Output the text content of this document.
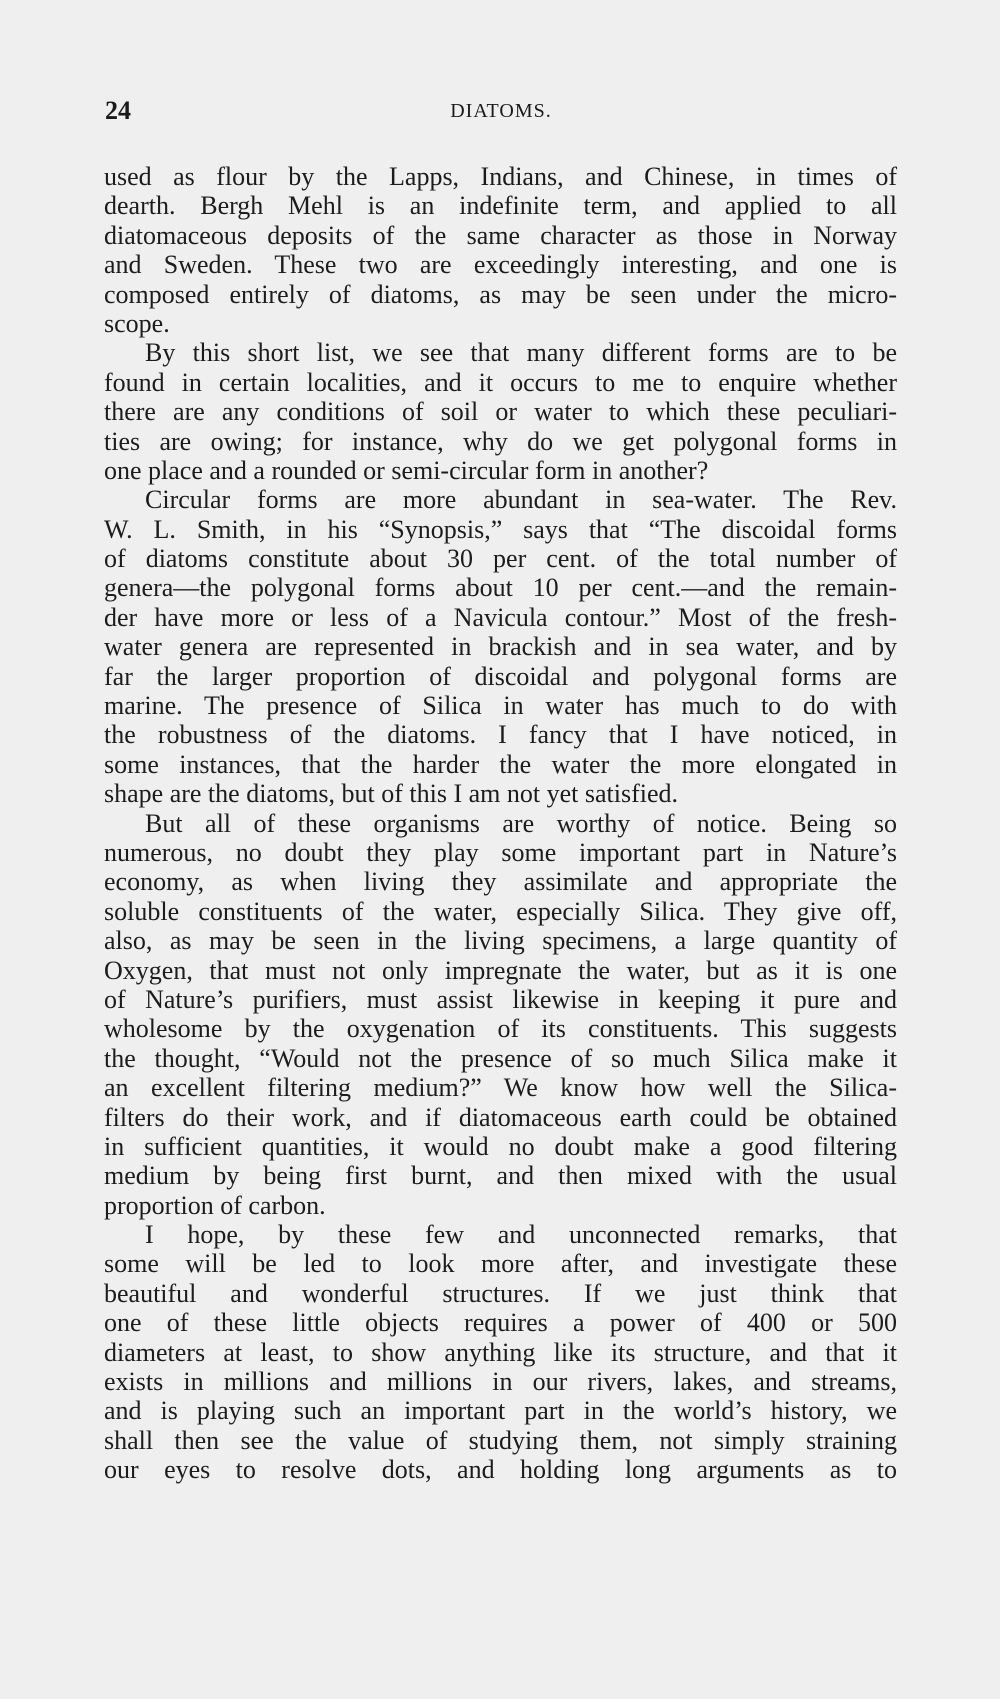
24	DIATOMS.
used as flour by the Lapps, Indians, and Chinese, in times of
dearth. Bergh Mehl is an indefinite term, and applied to all
diatomaceous deposits of the same character as those in Norway
and Sweden. These two are exceedingly interesting, and one is
composed entirely of diatoms, as may be seen under the micro-
scope.
By this short list, we see that many different forms are to be
found in certain localities, and it occurs to me to enquire whether
there are any conditions of soil or water to which these peculiari-
ties are owing; for instance, why do we get polygonal forms in
one place and a rounded or semi-circular form in another?
Circular forms are more abundant in sea-water. The Rev.
W. L. Smith, in his “Synopsis,” says that “The discoidal forms
of diatoms constitute about 30 per cent. of the total number of
genera—the polygonal forms about 10 per cent.—and the remain-
der have more or less of a Navicula contour.” Most of the fresh-
water genera are represented in brackish and in sea water, and by
far the larger proportion of discoidal and polygonal forms are
marine. The presence of Silica in water has much to do with
the robustness of the diatoms. I fancy that I have noticed, in
some instances, that the harder the water the more elongated in
shape are the diatoms, but of this I am not yet satisfied.
But all of these organisms are worthy of notice. Being so
numerous, no doubt they play some important part in Nature’s
economy, as when living they assimilate and appropriate the
soluble constituents of the water, especially Silica. They give off,
also, as may be seen in the living specimens, a large quantity of
Oxygen, that must not only impregnate the water, but as it is one
of Nature’s purifiers, must assist likewise in keeping it pure and
wholesome by the oxygenation of its constituents. This suggests
the thought, “Would not the presence of so much Silica make it
an excellent filtering medium?” We know how well the Silica-
filters do their work, and if diatomaceous earth could be obtained
in sufficient quantities, it would no doubt make a good filtering
medium by being first burnt, and then mixed with the usual
proportion of carbon.
I hope, by these few and unconnected remarks, that
some will be led to look more after, and investigate these
beautiful and wonderful structures. If we just think that
one of these little objects requires a power of 400 or 500
diameters at least, to show anything like its structure, and that it
exists in millions and millions in our rivers, lakes, and streams,
and is playing such an important part in the world’s history, we
shall then see the value of studying them, not simply straining
our eyes to resolve dots, and holding long arguments as to
